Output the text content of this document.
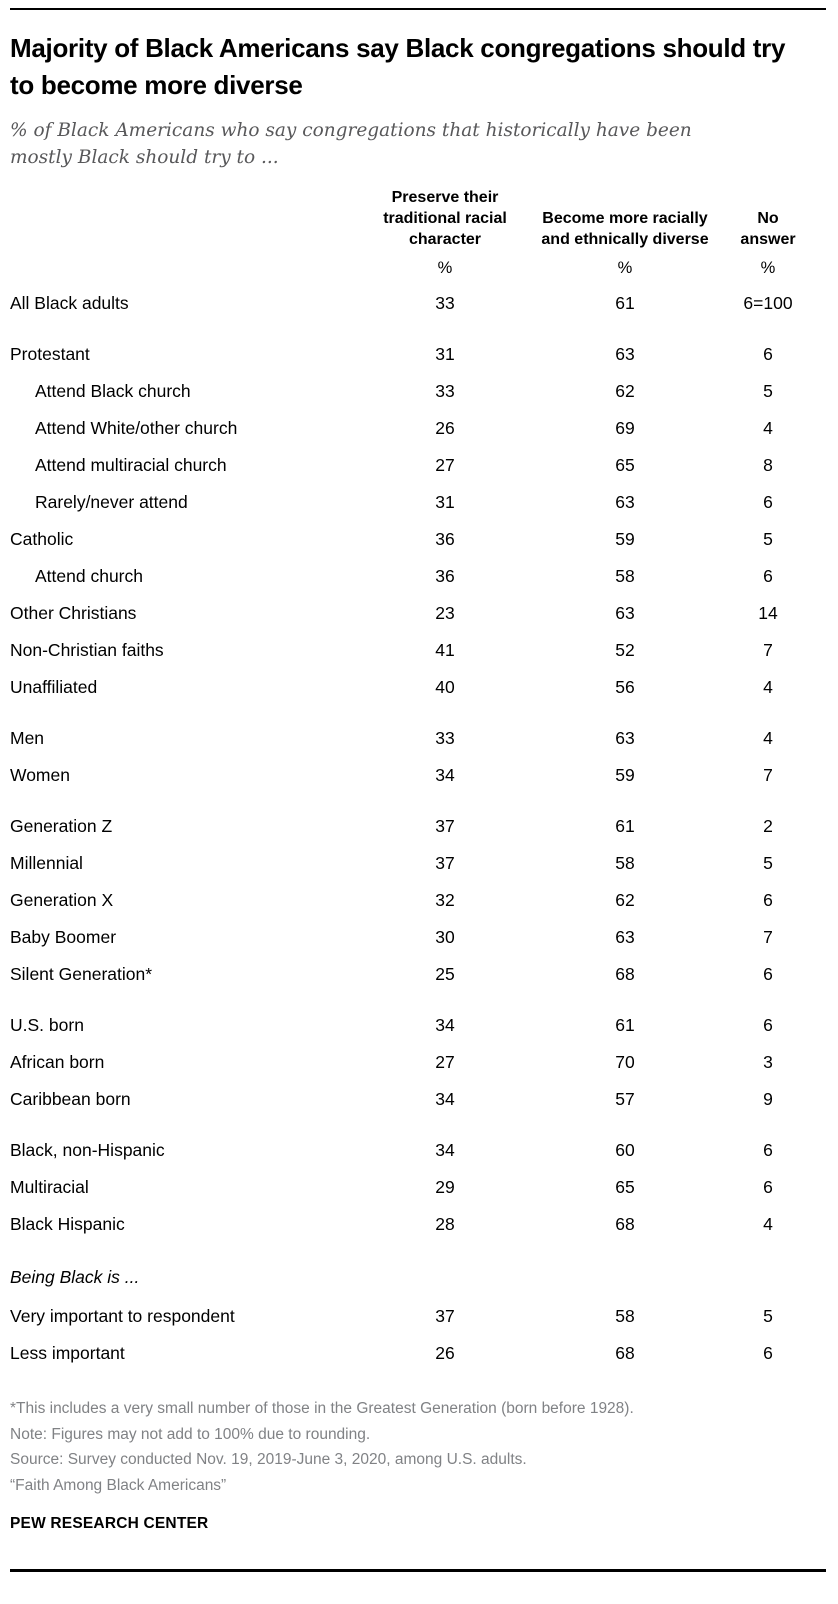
Majority of Black Americans say Black congregations should try to become more diverse
% of Black Americans who say congregations that historically have been mostly Black should try to ...
Preserve their traditional racial character
Become more racially and ethnically diverse
No answer
%	%	%
All Black adults	33	61	6=100
Protestant	31	63	6
Attend Black church	33	62	5
Attend White/other church	26	69	4
Attend multiracial church	27	65	8
Rarely/never attend	31	63	6
Catholic	36	59	5
Attend church	36	58	6
Other Christians	23	63	14
Non-Christian faiths	41	52	7
Unaffiliated	40	56	4
Men	33	63	4
Women	34	59	7
Generation Z	37	61	2
Millennial	37	58	5
Generation X	32	62	6
Baby Boomer	30	63	7
Silent Generation*	25	68	6
U.S. born	34	61	6
African born	27	70	3
Caribbean born	34	57	9
Black, non-Hispanic	34	60	6
Multiracial	29	65	6
Black Hispanic	28	68	4
Being Black is ...
Very important to respondent	37	58	5
Less important	26	68	6
*This includes a very small number of those in the Greatest Generation (born before 1928).
Note: Figures may not add to 100% due to rounding.
Source: Survey conducted Nov. 19, 2019-June 3, 2020, among U.S. adults.
“Faith Among Black Americans”
PEW RESEARCH CENTER
